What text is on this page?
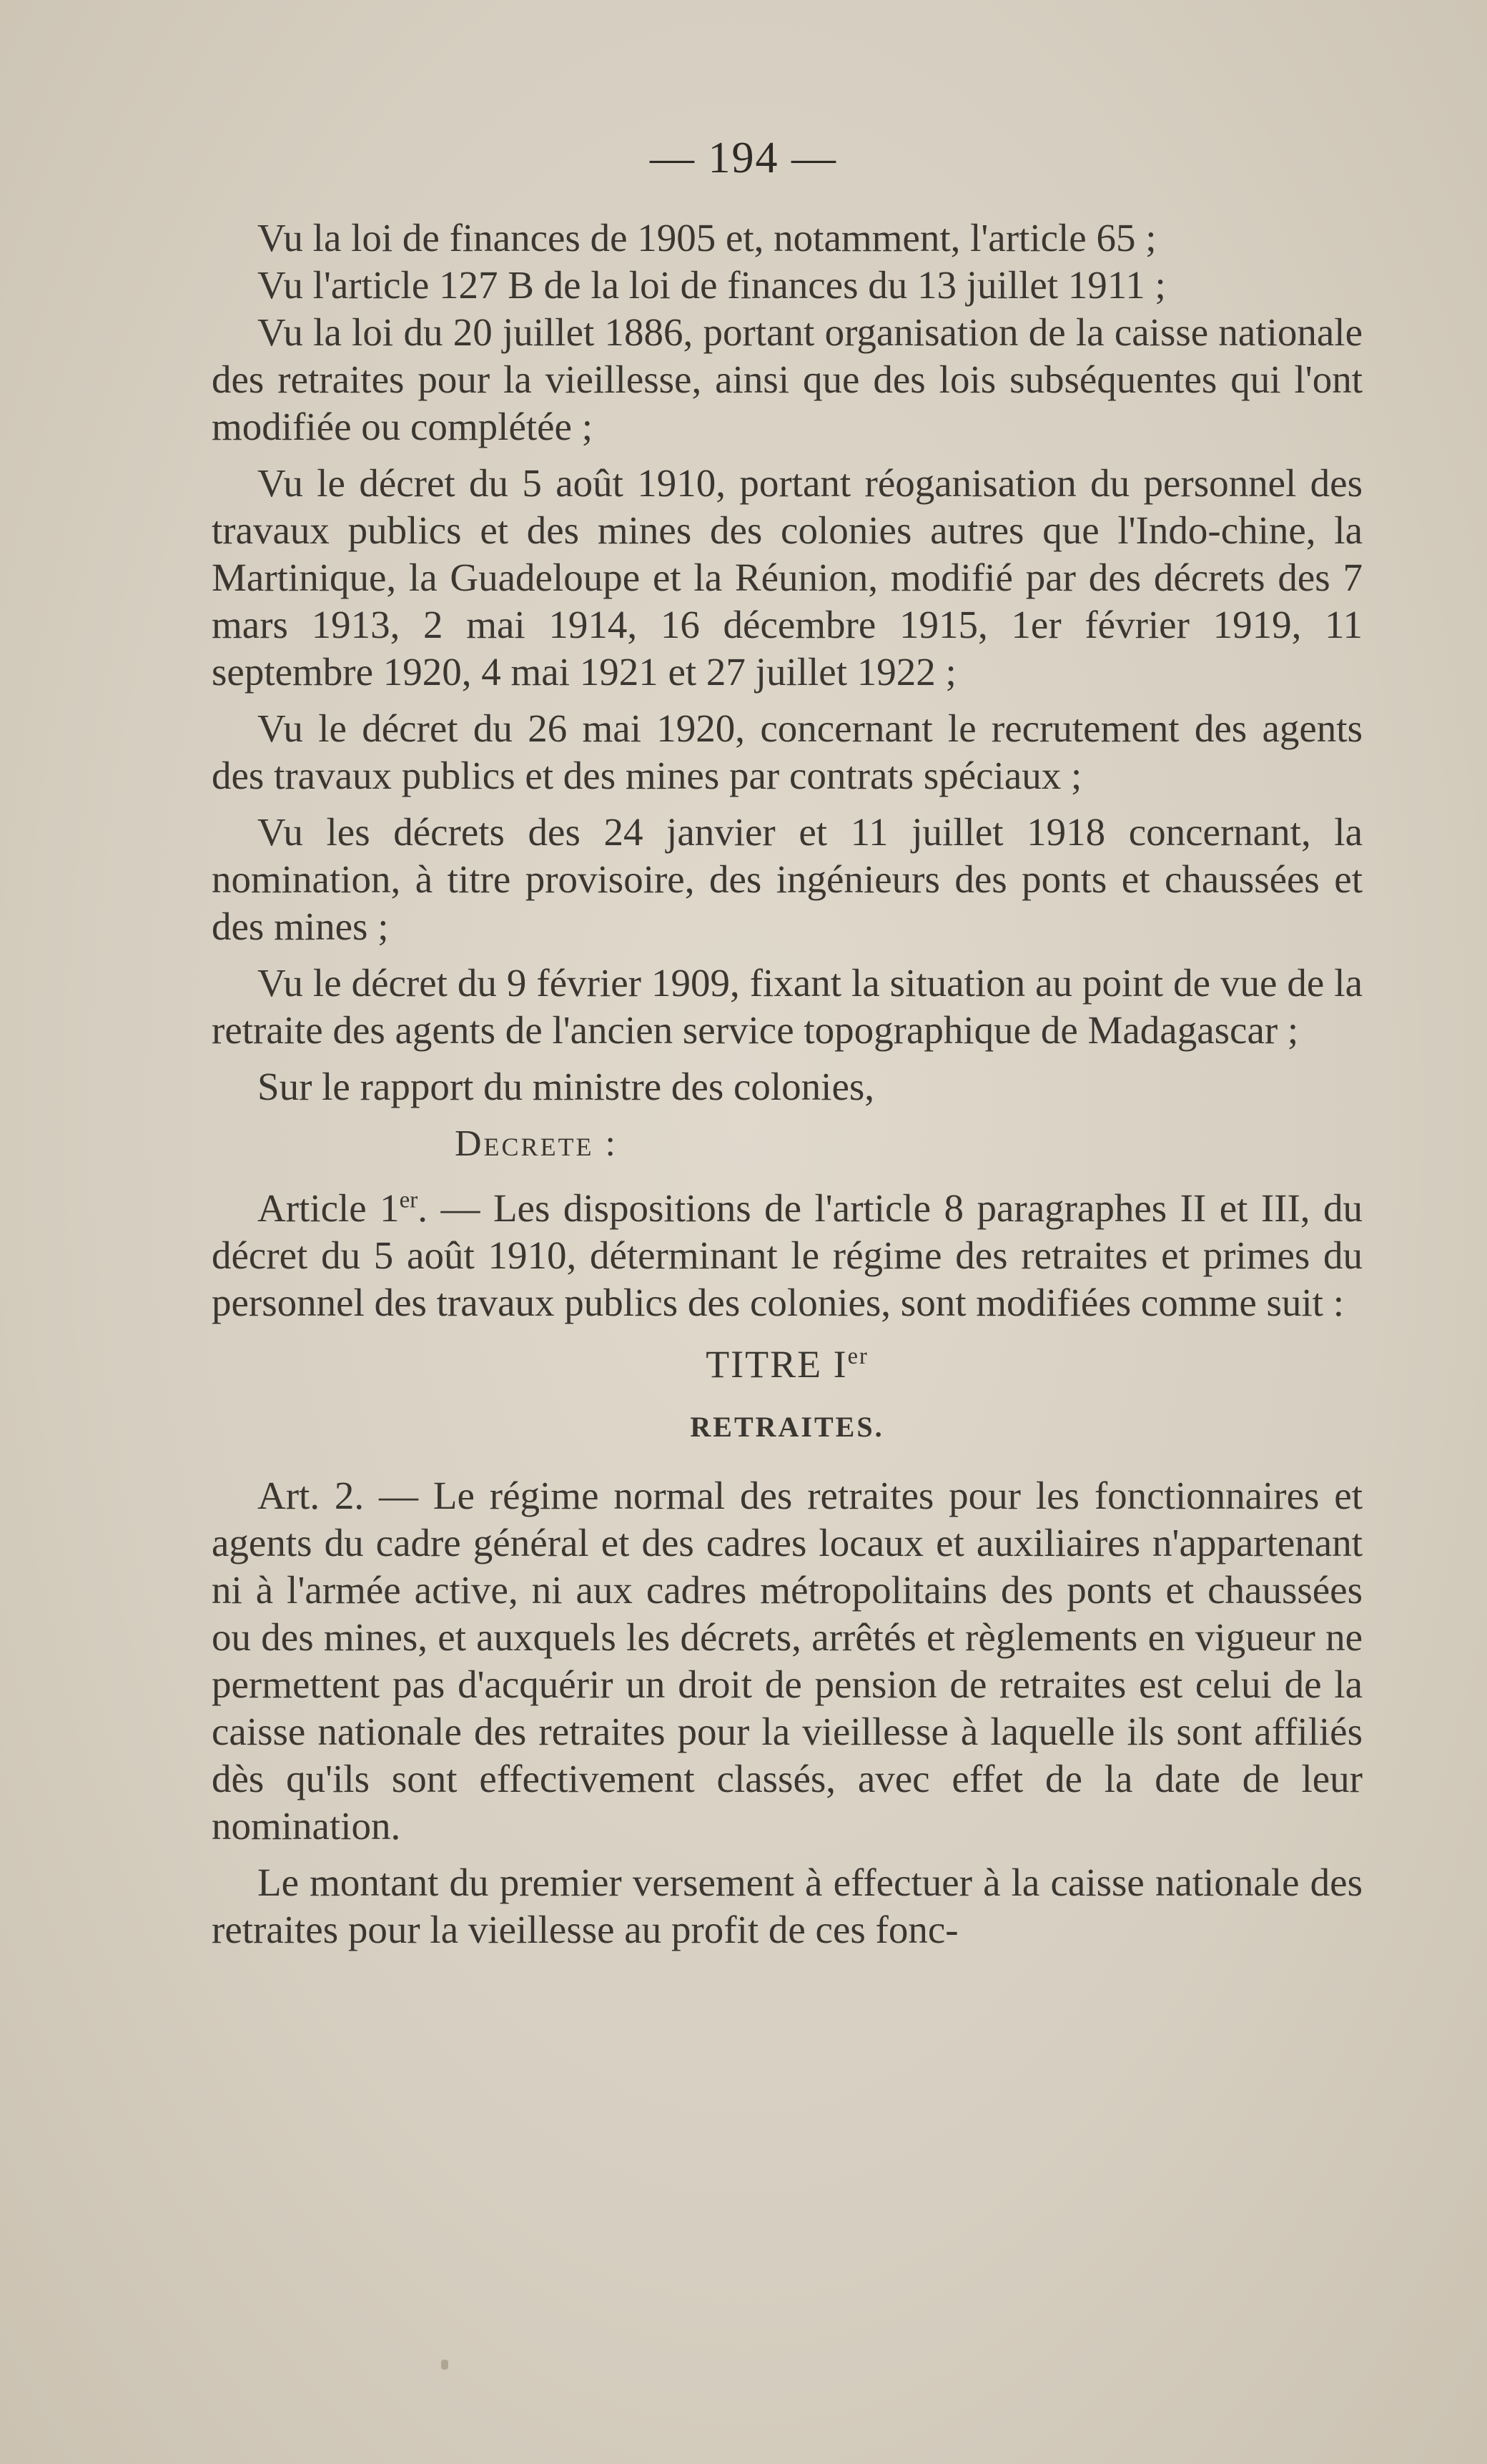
— 194 —

Vu la loi de finances de 1905 et, notamment, l'article 65 ;

Vu l'article 127 B de la loi de finances du 13 juillet 1911 ;

Vu la loi du 20 juillet 1886, portant organisation de la caisse nationale des retraites pour la vieillesse, ainsi que des lois subséquentes qui l'ont modifiée ou complétée ;

Vu le décret du 5 août 1910, portant réoganisation du personnel des travaux publics et des mines des colonies autres que l'Indo-chine, la Martinique, la Guadeloupe et la Réunion, modifié par des décrets des 7 mars 1913, 2 mai 1914, 16 décembre 1915, 1er février 1919, 11 septembre 1920, 4 mai 1921 et 27 juillet 1922 ;

Vu le décret du 26 mai 1920, concernant le recrutement des agents des travaux publics et des mines par contrats spéciaux ;

Vu les décrets des 24 janvier et 11 juillet 1918 concernant, la nomination, à titre provisoire, des ingénieurs des ponts et chaussées et des mines ;

Vu le décret du 9 février 1909, fixant la situation au point de vue de la retraite des agents de l'ancien service topographique de Madagascar ;

Sur le rapport du ministre des colonies,

Decrete :

Article 1er. — Les dispositions de l'article 8 paragraphes II et III, du décret du 5 août 1910, déterminant le régime des retraites et primes du personnel des travaux publics des colonies, sont modifiées comme suit :

TITRE Ier
RETRAITES.

Art. 2. — Le régime normal des retraites pour les fonctionnaires et agents du cadre général et des cadres locaux et auxiliaires n'appartenant ni à l'armée active, ni aux cadres métropolitains des ponts et chaussées ou des mines, et auxquels les décrets, arrêtés et règlements en vigueur ne permettent pas d'acquérir un droit de pension de retraites est celui de la caisse nationale des retraites pour la vieillesse à laquelle ils sont affiliés dès qu'ils sont effectivement classés, avec effet de la date de leur nomination.

Le montant du premier versement à effectuer à la caisse nationale des retraites pour la vieillesse au profit de ces fonc-
